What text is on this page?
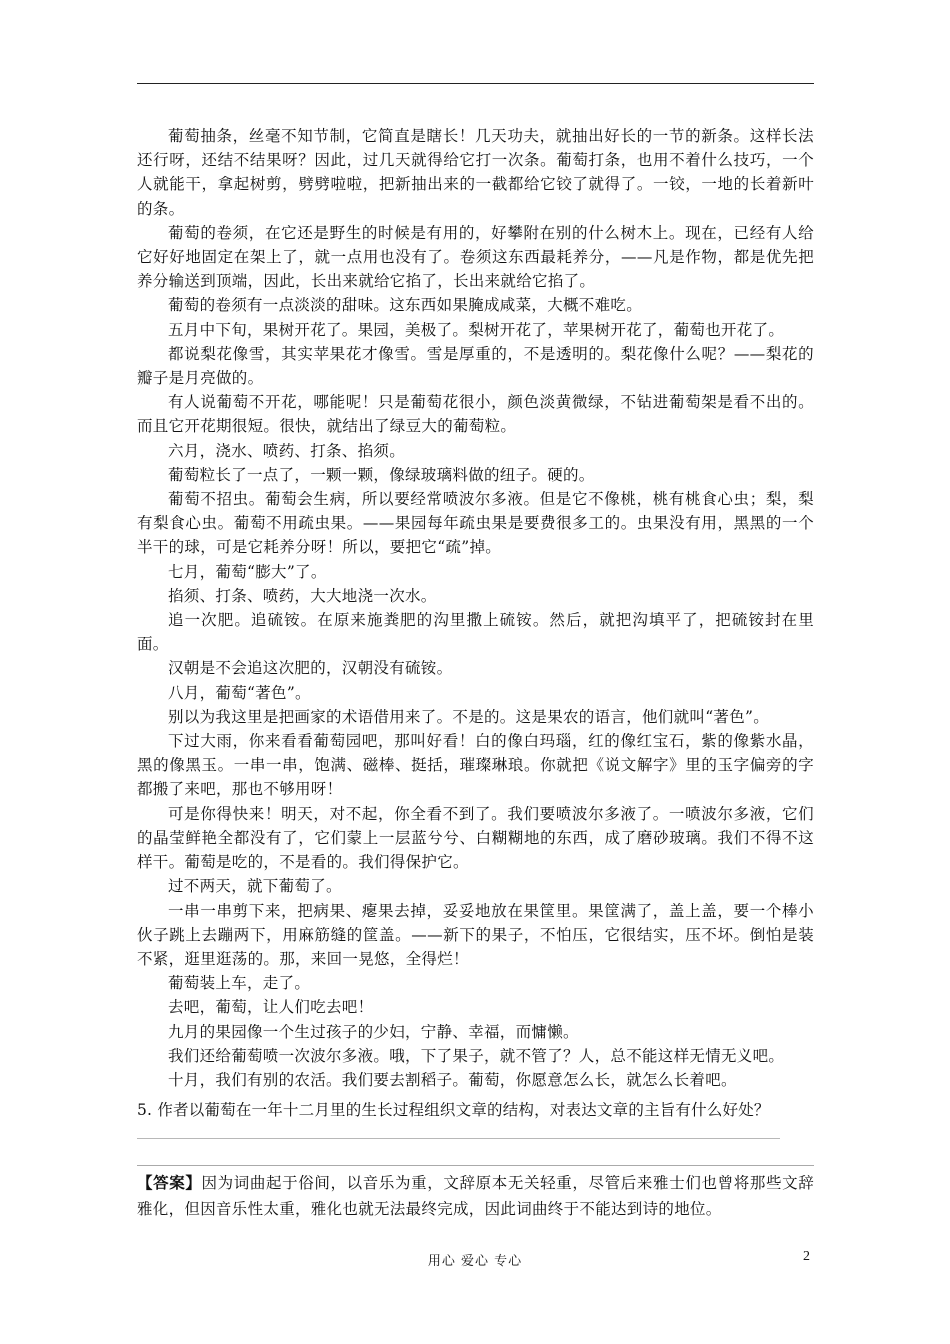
葡萄抽条，丝毫不知节制，它简直是瞎长！几天功夫，就抽出好长的一节的新条。这样长法还行呀，还结不结果呀？因此，过几天就得给它打一次条。葡萄打条，也用不着什么技巧，一个人就能干，拿起树剪，劈劈啦啦，把新抽出来的一截都给它铰了就得了。一铰，一地的长着新叶的条。

葡萄的卷须，在它还是野生的时候是有用的，好攀附在别的什么树木上。现在，已经有人给它好好地固定在架上了，就一点用也没有了。卷须这东西最耗养分，——凡是作物，都是优先把养分输送到顶端，因此，长出来就给它掐了，长出来就给它掐了。

葡萄的卷须有一点淡淡的甜味。这东西如果腌成咸菜，大概不难吃。

五月中下旬，果树开花了。果园，美极了。梨树开花了，苹果树开花了，葡萄也开花了。

都说梨花像雪，其实苹果花才像雪。雪是厚重的，不是透明的。梨花像什么呢？——梨花的瓣子是月亮做的。

有人说葡萄不开花，哪能呢！只是葡萄花很小，颜色淡黄微绿，不钻进葡萄架是看不出的。而且它开花期很短。很快，就结出了绿豆大的葡萄粒。

六月，浇水、喷药、打条、掐须。

葡萄粒长了一点了，一颗一颗，像绿玻璃料做的纽子。硬的。

葡萄不招虫。葡萄会生病，所以要经常喷波尔多液。但是它不像桃，桃有桃食心虫；梨，梨有梨食心虫。葡萄不用疏虫果。——果园每年疏虫果是要费很多工的。虫果没有用，黑黑的一个半干的球，可是它耗养分呀！所以，要把它“疏”掉。

七月，葡萄“膨大”了。

掐须、打条、喷药，大大地浇一次水。

追一次肥。追硫铵。在原来施粪肥的沟里撒上硫铵。然后，就把沟填平了，把硫铵封在里面。

汉朝是不会追这次肥的，汉朝没有硫铵。

八月，葡萄“著色”。

别以为我这里是把画家的术语借用来了。不是的。这是果农的语言，他们就叫“著色”。

下过大雨，你来看看葡萄园吧，那叫好看！白的像白玛瑙，红的像红宝石，紫的像紫水晶，黑的像黑玉。一串一串，饱满、磁棒、挺括，璀璨琳琅。你就把《说文解字》里的玉字偏旁的字都搬了来吧，那也不够用呀！

可是你得快来！明天，对不起，你全看不到了。我们要喷波尔多液了。一喷波尔多液，它们的晶莹鲜艳全都没有了，它们蒙上一层蓝兮兮、白糊糊地的东西，成了磨砂玻璃。我们不得不这样干。葡萄是吃的，不是看的。我们得保护它。

过不两天，就下葡萄了。

一串一串剪下来，把病果、瘪果去掉，妥妥地放在果筐里。果筐满了，盖上盖，要一个棒小伙子跳上去蹦两下，用麻筋缝的筐盖。——新下的果子，不怕压，它很结实，压不坏。倒怕是装不紧，逛里逛荡的。那，来回一晃悠，全得烂！

葡萄装上车，走了。

去吧，葡萄，让人们吃去吧！

九月的果园像一个生过孩子的少妇，宁静、幸福，而慵懒。

我们还给葡萄喷一次波尔多液。哦，下了果子，就不管了？人，总不能这样无情无义吧。

十月，我们有别的农活。我们要去割稻子。葡萄，你愿意怎么长，就怎么长着吧。

5. 作者以葡萄在一年十二月里的生长过程组织文章的结构，对表达文章的主旨有什么好处？
【答案】因为词曲起于俗间，以音乐为重，文辞原本无关轻重，尽管后来雅士们也曾将那些文辞雅化，但因音乐性太重，雅化也就无法最终完成，因此词曲终于不能达到诗的地位。
用心 爱心 专心	2
